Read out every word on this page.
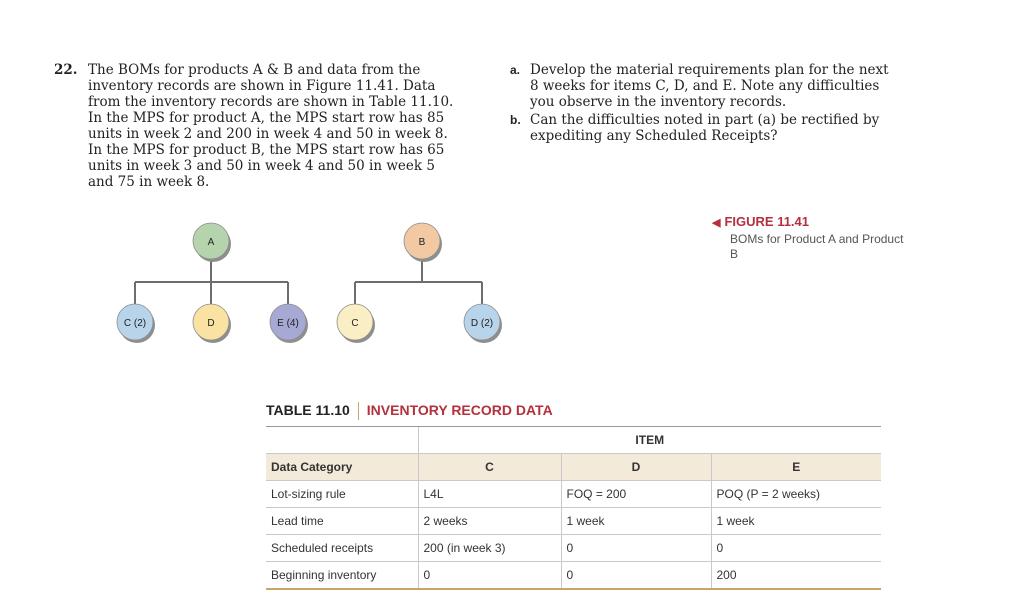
22. The BOMs for products A & B and data from the inventory records are shown in Figure 11.41. Data from the inventory records are shown in Table 11.10. In the MPS for product A, the MPS start row has 85 units in week 2 and 200 in week 4 and 50 in week 8. In the MPS for product B, the MPS start row has 65 units in week 3 and 50 in week 4 and 50 in week 5 and 75 in week 8.
a. Develop the material requirements plan for the next 8 weeks for items C, D, and E. Note any difficulties you observe in the inventory records.
b. Can the difficulties noted in part (a) be rectified by expediting any Scheduled Receipts?
◀ FIGURE 11.41
BOMs for Product A and Product B
A	B
C (2)	D	E (4)	C	D (2)
TABLE 11.10 INVENTORY RECORD DATA
	ITEM		
Data Category	C	D	E
Lot-sizing rule	L4L	FOQ = 200	POQ (P = 2 weeks)
Lead time	2 weeks	1 week	1 week
Scheduled receipts	200 (in week 3)	0	0
Beginning inventory	0	0	200
